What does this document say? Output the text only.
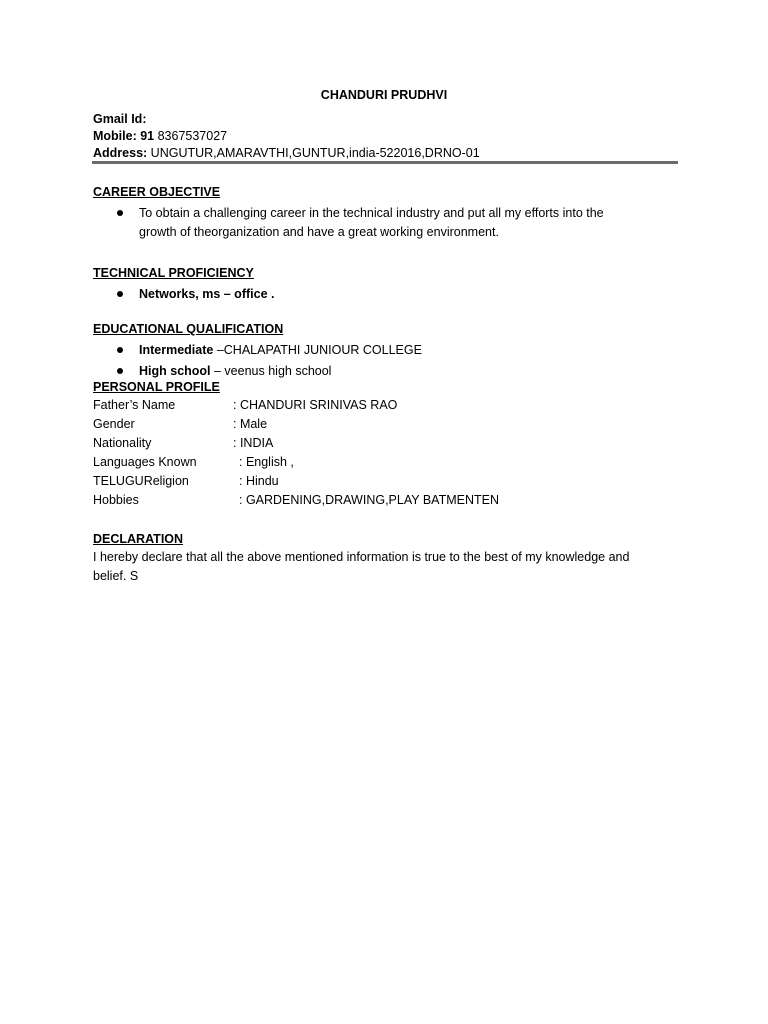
CHANDURI PRUDHVI
Gmail Id:
Mobile: 91 8367537027
Address: UNGUTUR,AMARAVTHI,GUNTUR,india-522016,DRNO-01
CAREER OBJECTIVE
To obtain a challenging career in the technical industry and put all my efforts into the
growth of theorganization and have a great working environment.
TECHNICAL PROFICIENCY
Networks, ms – office .
EDUCATIONAL QUALIFICATION
Intermediate –CHALAPATHI JUNIOUR COLLEGE
High school – veenus high school
PERSONAL PROFILE
Father’s Name	: CHANDURI SRINIVAS RAO
Gender	: Male
Nationality	: INDIA
Languages Known	: English ,
TELUGUReligion	: Hindu
Hobbies	: GARDENING,DRAWING,PLAY BATMENTEN
DECLARATION
I hereby declare that all the above mentioned information is true to the best of my knowledge and
belief. S
